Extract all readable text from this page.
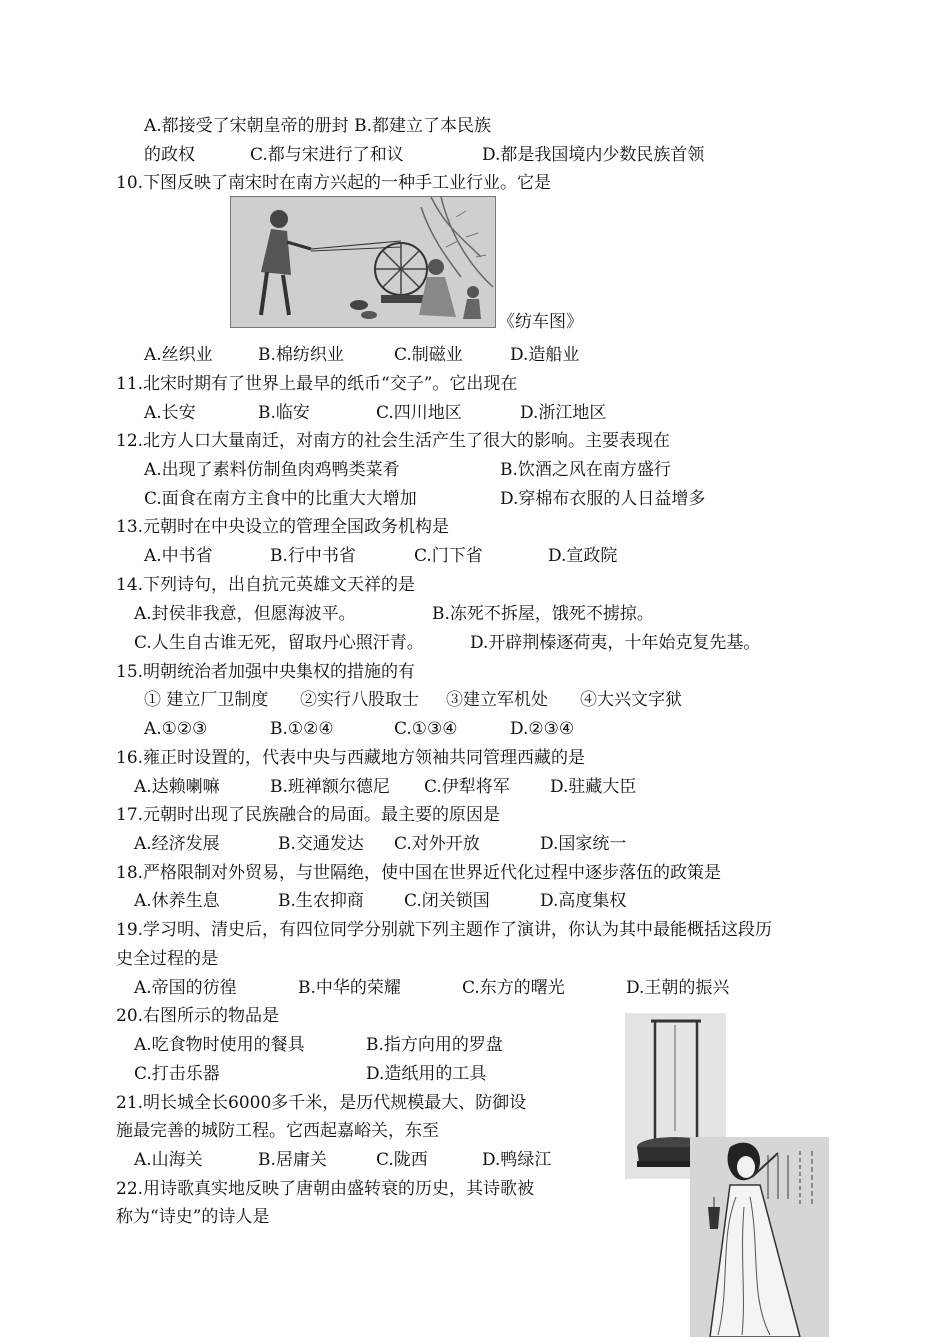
A.都接受了宋朝皇帝的册封 B.都建立了本民族
的政权	C.都与宋进行了和议	D.都是我国境内少数民族首领
10.下图反映了南宋时在南方兴起的一种手工业行业。它是
《纺车图》
A.丝织业	B.棉纺织业	C.制磁业	D.造船业
11.北宋时期有了世界上最早的纸币“交子”。它出现在
A.长安	B.临安	C.四川地区	D.浙江地区
12.北方人口大量南迁，对南方的社会生活产生了很大的影响。主要表现在
A.出现了素料仿制鱼肉鸡鸭类菜肴	B.饮酒之风在南方盛行
C.面食在南方主食中的比重大大增加	D.穿棉布衣服的人日益增多
13.元朝时在中央设立的管理全国政务机构是
A.中书省	B.行中书省	C.门下省	D.宣政院
14.下列诗句，出自抗元英雄文天祥的是
A.封侯非我意，但愿海波平。	B.冻死不拆屋，饿死不掳掠。
C.人生自古谁无死，留取丹心照汗青。	D.开辟荆榛逐荷夷，十年始克复先基。
15.明朝统治者加强中央集权的措施的有
① 建立厂卫制度 ②实行八股取士 ③建立军机处 ④大兴文字狱
A.①②③	B.①②④	C.①③④	D.②③④
16.雍正时设置的，代表中央与西藏地方领袖共同管理西藏的是
A.达赖喇嘛	B.班禅额尔德尼 C.伊犁将军 D.驻藏大臣
17.元朝时出现了民族融合的局面。最主要的原因是
A.经济发展	B.交通发达 C.对外开放	D.国家统一
18.严格限制对外贸易，与世隔绝，使中国在世界近代化过程中逐步落伍的政策是
A.休养生息	B.生农抑商 C.闭关锁国	D.高度集权
19.学习明、清史后，有四位同学分别就下列主题作了演讲，你认为其中最能概括这段历
史全过程的是
A.帝国的彷徨	B.中华的荣耀	C.东方的曙光	D.王朝的振兴
20.右图所示的物品是
A.吃食物时使用的餐具	B.指方向用的罗盘
C.打击乐器	D.造纸用的工具
21.明长城全长6000多千米，是历代规模最大、防御设
施最完善的城防工程。它西起嘉峪关，东至
A.山海关	B.居庸关	C.陇西	D.鸭绿江
22.用诗歌真实地反映了唐朝由盛转衰的历史，其诗歌被
称为“诗史”的诗人是
